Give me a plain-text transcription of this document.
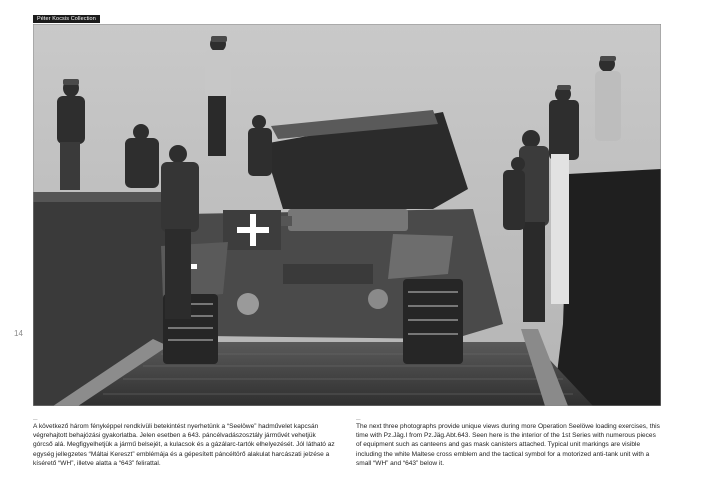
Péter Kocsis Collection
14
—

A következő három fényképpel rendkívüli betekintést nyerhetünk a “Seelöwe” hadművelet kapcsán végrehajtott behajózási gyakorlatba. Jelen esetben a 643. páncélvadászosztály járművét vehetjük górcső alá. Megfigyelhetjük a jármű belsejét, a kulacsok és a gázálarc-tartók elhelyezését. Jól látható az egység jellegzetes “Máltai Kereszt” emblémája és a gépesített páncéltörő alakulat harcászati jelzése a kísérető “WH”, illetve alatta a “643” felirattal.

—

The next three photographs provide unique views during more Operation Seelöwe loading exercises, this time with Pz.Jäg.I from Pz.Jäg.Abt.643. Seen here is the interior of the 1st Series with numerous pieces of equipment such as canteens and gas mask canisters attached. Typical unit markings are visible including the white Maltese cross emblem and the tactical symbol for a motorized anti-tank unit with a small “WH” and “643” below it.
